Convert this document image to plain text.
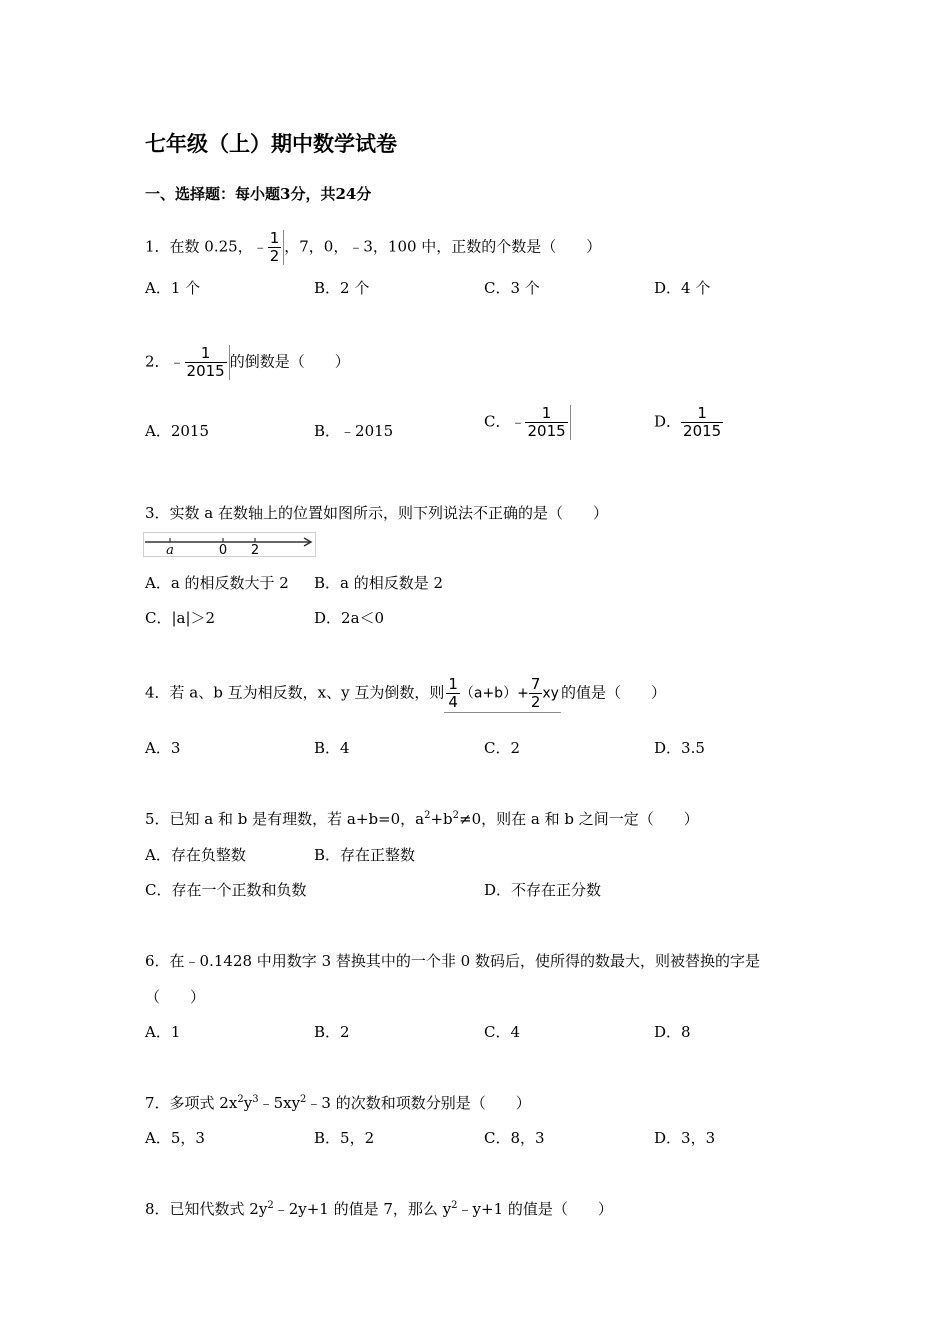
七年级（上）期中数学试卷
一、选择题：每小题3分，共24分
1．在数 0.25，﹣ $\frac{1}{2}$ ，7，0，﹣3，100 中，正数的个数是（　　）
A．1 个	B．2 个	C．3 个	D．4 个
2．﹣ $\frac{1}{2015}$ 的倒数是（　　）
A．2015	B．﹣2015
C．﹣ $\frac{1}{2015}$	D． $\frac{1}{2015}$
3．实数 a 在数轴上的位置如图所示，则下列说法不正确的是（　　）
a	0 2
A．a 的相反数大于 2 B．a 的相反数是 2
C．|a|＞2	D．2a＜0
4．若 a、b 互为相反数，x、y 互为倒数，则 $\frac{1}{4} (a+b)+ \frac{7}{2}$ xy 的值是（　　）
A．3	B．4	C．2	D．3.5
5．已知 a 和 b 是有理数，若 a+b=0，$a^2+b^2\ne 0$，则在 a 和 b 之间一定（　　）
A．存在负整数	B．存在正整数
C．存在一个正数和负数	D．不存在正分数
6．在﹣0.1428 中用数字 3 替换其中的一个非 0 数码后，使所得的数最大，则被替换的字是
（　　）
A．1	B．2	C．4	D．8
7．多项式 $2x^2y^3﹣5xy^2﹣3$ 的次数和项数分别是（　　）
A．5，3	B．5，2	C．8，3	D．3，3
8．已知代数式 $2y^2﹣2y+1$ 的值是 7，那么 $y^2﹣y+1$ 的值是（　　）
